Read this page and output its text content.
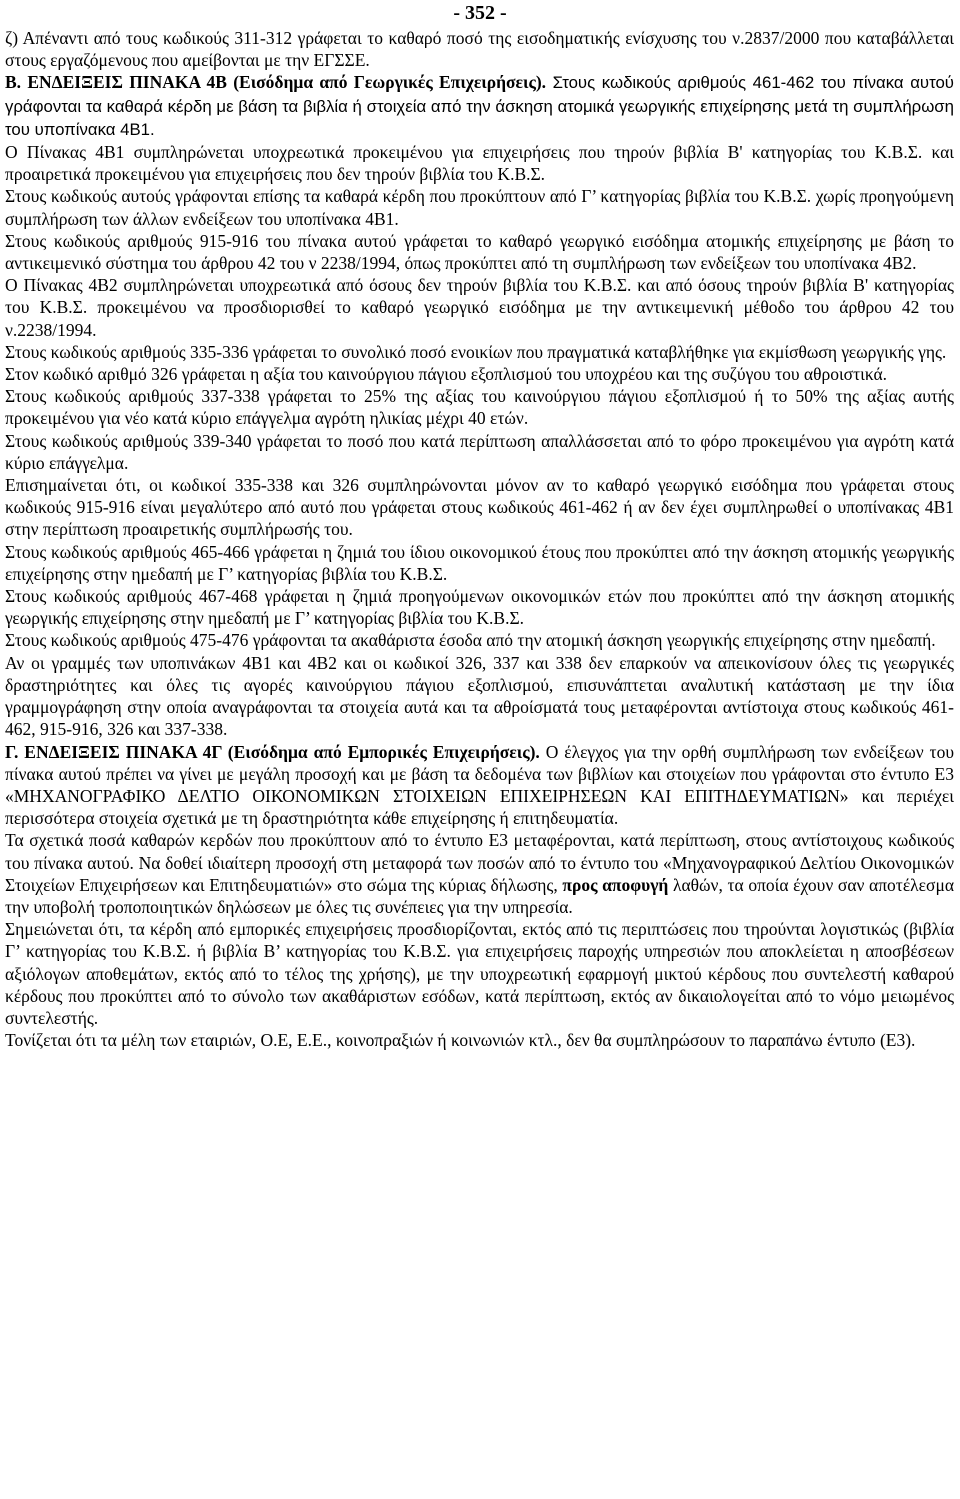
- 352 -

ζ) Απέναντι από τους κωδικούς 311-312 γράφεται το καθαρό ποσό της εισοδηματικής ενίσχυσης του ν.2837/2000 που καταβάλλεται στους εργαζόμενους που αμείβονται με την ΕΓΣΣΕ.

Β. ΕΝΔΕΙΞΕΙΣ ΠΙΝΑΚΑ 4Β (Εισόδημα από Γεωργικές Επιχειρήσεις). Στους κωδικούς αριθμούς 461-462 του πίνακα αυτού γράφονται τα καθαρά κέρδη με βάση τα βιβλία ή στοιχεία από την άσκηση ατομικά γεωργικής επιχείρησης μετά τη συμπλήρωση του υποπίνακα 4Β1.

Ο Πίνακας 4Β1 συμπληρώνεται υποχρεωτικά προκειμένου για επιχειρήσεις που τηρούν βιβλία Β' κατηγορίας του Κ.Β.Σ. και προαιρετικά προκειμένου για επιχειρήσεις που δεν τηρούν βιβλία του Κ.Β.Σ.

Στους κωδικούς αυτούς γράφονται επίσης τα καθαρά κέρδη που προκύπτουν από Γ’ κατηγορίας βιβλία του Κ.Β.Σ. χωρίς προηγούμενη συμπλήρωση των άλλων ενδείξεων του υποπίνακα 4Β1.

Στους κωδικούς αριθμούς 915-916 του πίνακα αυτού γράφεται το καθαρό γεωργικό εισόδημα ατομικής επιχείρησης με βάση το αντικειμενικό σύστημα του άρθρου 42 του ν 2238/1994, όπως προκύπτει από τη συμπλήρωση των ενδείξεων του υποπίνακα 4Β2.

Ο Πίνακας 4Β2 συμπληρώνεται υποχρεωτικά από όσους δεν τηρούν βιβλία του Κ.Β.Σ. και από όσους τηρούν βιβλία Β' κατηγορίας του Κ.Β.Σ. προκειμένου να προσδιορισθεί το καθαρό γεωργικό εισόδημα με την αντικειμενική μέθοδο του άρθρου 42 του ν.2238/1994.

Στους κωδικούς αριθμούς 335-336 γράφεται το συνολικό ποσό ενοικίων που πραγματικά καταβλήθηκε για εκμίσθωση γεωργικής γης.

Στον κωδικό αριθμό 326 γράφεται η αξία του καινούργιου πάγιου εξοπλισμού του υποχρέου και της συζύγου του αθροιστικά.

Στους κωδικούς αριθμούς 337-338 γράφεται το 25% της αξίας του καινούργιου πάγιου εξοπλισμού ή το 50% της αξίας αυτής προκειμένου για νέο κατά κύριο επάγγελμα αγρότη ηλικίας μέχρι 40 ετών.

Στους κωδικούς αριθμούς 339-340 γράφεται το ποσό που κατά περίπτωση απαλλάσσεται από το φόρο προκειμένου για αγρότη κατά κύριο επάγγελμα.

Επισημαίνεται ότι, οι κωδικοί 335-338 και 326 συμπληρώνονται μόνον αν το καθαρό γεωργικό εισόδημα που γράφεται στους κωδικούς 915-916 είναι μεγαλύτερο από αυτό που γράφεται στους κωδικούς 461-462 ή αν δεν έχει συμπληρωθεί ο υποπίνακας 4Β1 στην περίπτωση προαιρετικής συμπλήρωσής του.

Στους κωδικούς αριθμούς 465-466 γράφεται η ζημιά του ίδιου οικονομικού έτους που προκύπτει από την άσκηση ατομικής γεωργικής επιχείρησης στην ημεδαπή με Γ’ κατηγορίας βιβλία του Κ.Β.Σ.

Στους κωδικούς αριθμούς 467-468 γράφεται η ζημιά προηγούμενων οικονομικών ετών που προκύπτει από την άσκηση ατομικής γεωργικής επιχείρησης στην ημεδαπή με Γ’ κατηγορίας βιβλία του Κ.Β.Σ.

Στους κωδικούς αριθμούς 475-476 γράφονται τα ακαθάριστα έσοδα από την ατομική άσκηση γεωργικής επιχείρησης στην ημεδαπή.

Αν οι γραμμές των υποπινάκων 4Β1 και 4Β2 και οι κωδικοί 326, 337 και 338 δεν επαρκούν να απεικονίσουν όλες τις γεωργικές δραστηριότητες και όλες τις αγορές καινούργιου πάγιου εξοπλισμού, επισυνάπτεται αναλυτική κατάσταση με την ίδια γραμμογράφηση στην οποία αναγράφονται τα στοιχεία αυτά και τα αθροίσματά τους μεταφέρονται αντίστοιχα στους κωδικούς 461-462, 915-916, 326 και 337-338.

Γ. ΕΝΔΕΙΞΕΙΣ ΠΙΝΑΚΑ 4Γ (Εισόδημα από Εμπορικές Επιχειρήσεις). Ο έλεγχος για την ορθή συμπλήρωση των ενδείξεων του πίνακα αυτού πρέπει να γίνει με μεγάλη προσοχή και με βάση τα δεδομένα των βιβλίων και στοιχείων που γράφονται στο έντυπο Ε3 «ΜΗΧΑΝΟΓΡΑΦΙΚΟ ΔΕΛΤΙΟ ΟΙΚΟΝΟΜΙΚΩΝ ΣΤΟΙΧΕΙΩΝ ΕΠΙΧΕΙΡΗΣΕΩΝ ΚΑΙ ΕΠΙΤΗΔΕΥΜΑΤΙΩΝ» και περιέχει περισσότερα στοιχεία σχετικά με τη δραστηριότητα κάθε επιχείρησης ή επιτηδευματία.

Τα σχετικά ποσά καθαρών κερδών που προκύπτουν από το έντυπο Ε3 μεταφέρονται, κατά περίπτωση, στους αντίστοιχους κωδικούς του πίνακα αυτού. Να δοθεί ιδιαίτερη προσοχή στη μεταφορά των ποσών από το έντυπο του «Μηχανογραφικού Δελτίου Οικονομικών Στοιχείων Επιχειρήσεων και Επιτηδευματιών» στο σώμα της κύριας δήλωσης, προς αποφυγή λαθών, τα οποία έχουν σαν αποτέλεσμα την υποβολή τροποποιητικών δηλώσεων με όλες τις συνέπειες για την υπηρεσία.

Σημειώνεται ότι, τα κέρδη από εμπορικές επιχειρήσεις προσδιορίζονται, εκτός από τις περιπτώσεις που τηρούνται λογιστικώς (βιβλία Γ’ κατηγορίας του Κ.Β.Σ. ή βιβλία Β’ κατηγορίας του Κ.Β.Σ. για επιχειρήσεις παροχής υπηρεσιών που αποκλείεται η αποσβέσεων αξιόλογων αποθεμάτων, εκτός από το τέλος της χρήσης), με την υποχρεωτική εφαρμογή μικτού κέρδους που συντελεστή καθαρού κέρδους που προκύπτει από το σύνολο των ακαθάριστων εσόδων, κατά περίπτωση, εκτός αν δικαιολογείται από το νόμο μειωμένος συντελεστής.

Τονίζεται ότι τα μέλη των εταιριών, Ο.Ε, Ε.Ε., κοινοπραξιών ή κοινωνιών κτλ., δεν θα συμπληρώσουν το παραπάνω έντυπο (Ε3).
